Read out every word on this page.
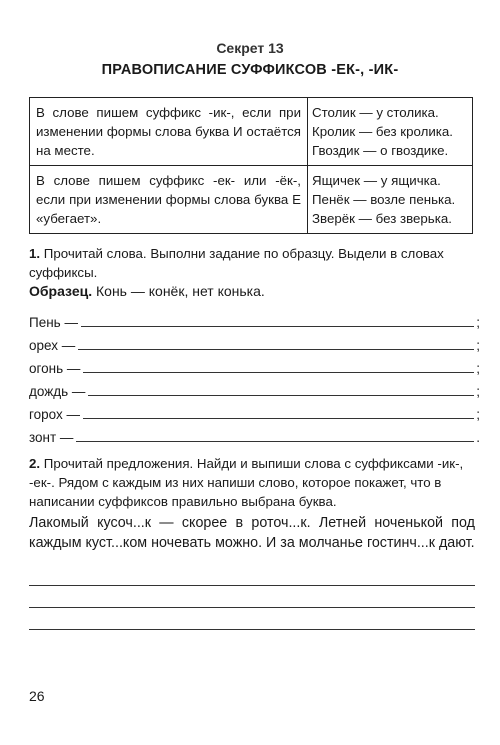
Секрет 13
ПРАВОПИСАНИЕ СУФФИКСОВ -ЕК-, -ИК-
В слове пишем суффикс -ик-, если при изменении формы слова буква И остаётся на месте.	Столик — у столика.
Кролик — без кролика.
Гвоздик — о гвоздике.

В слове пишем суффикс -ек- или -ёк-, если при изменении формы слова буква Е «убегает».	Ящичек — у ящичка.
Пенёк — возле пенька.
Зверёк — без зверька.
1. Прочитай слова. Выполни задание по образцу. Выдели в словах суффиксы.
Образец. Конь — конёк, нет конька.
Пень —	;
орех —	;
огонь —	;
дождь —	;
горох —	;
зонт —	.
2. Прочитай предложения. Найди и выпиши слова с суффиксами -ик-, -ек-. Рядом с каждым из них напиши слово, которое покажет, что в написании суффиксов правильно выбрана буква.
Лакомый кусоч...к — скорее в роточ...к. Летней ноченькой под каждым куст...ком ночевать можно. И за молчанье гостинч...к дают.
26
